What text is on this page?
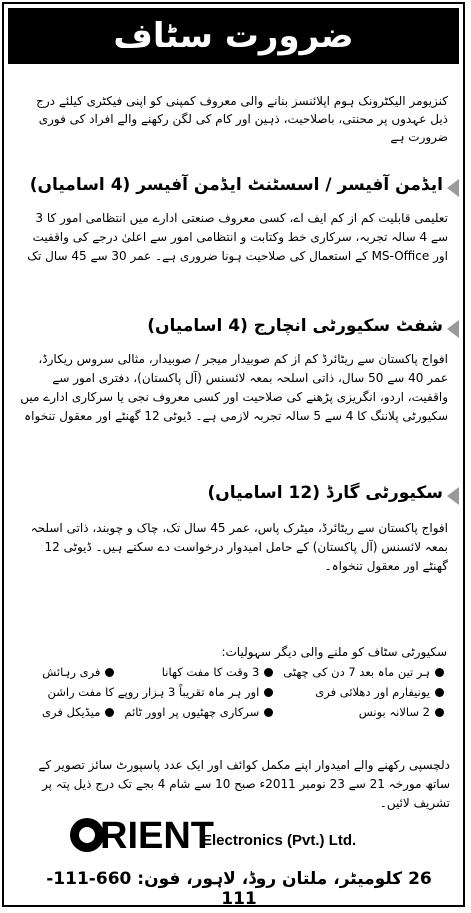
ضرورت سٹاف
کنزیومر الیکٹرونک ہوم اپلائنسز بنانے والی معروف کمپنی کو اپنی فیکٹری کیلئے درج ذیل عہدوں پر محنتی، باصلاحیت، ذہین اور کام کی لگن رکھنے والے افراد کی فوری ضرورت ہے
ایڈمن آفیسر / اسسٹنٹ ایڈمن آفیسر (4 اسامیاں)
تعلیمی قابلیت کم از کم ایف اے، کسی معروف صنعتی ادارے میں انتظامی امور کا 3 سے 4 سالہ تجربہ، سرکاری خط وکتابت و انتظامی امور سے اعلیٰ درجے کی واقفیت اور MS-Office کے استعمال کی صلاحیت ہونا ضروری ہے۔ عمر 30 سے 45 سال تک
شفٹ سکیورٹی انچارج (4 اسامیاں)
افواج پاکستان سے ریٹائرڈ کم از کم صوبیدار میجر / صوبیدار، مثالی سروس ریکارڈ، عمر 40 سے 50 سال، ذاتی اسلحہ بمعہ لائسنس (آل پاکستان)، دفتری امور سے واقفیت، اردو، انگریزی پڑھنے کی صلاحیت اور کسی معروف نجی یا سرکاری ادارے میں سکیورٹی پلاننگ کا 4 سے 5 سالہ تجربہ لازمی ہے۔ ڈیوٹی 12 گھنٹے اور معقول تنخواہ
سکیورٹی گارڈ (12 اسامیاں)
افواج پاکستان سے ریٹائرڈ، میٹرک پاس، عمر 45 سال تک، چاک و چوبند، ذاتی اسلحہ بمعہ لائسنس (آل پاکستان) کے حامل امیدوار درخواست دے سکتے ہیں۔ ڈیوٹی 12 گھنٹے اور معقول تنخواہ۔
سکیورٹی سٹاف کو ملنے والی دیگر سہولیات:
ہر تین ماہ بعد 7 دن کی چھٹی
3 وقت کا مفت کھانا
فری رہائش
یونیفارم اور دھلائی فری
اور ہر ماہ تقریباً 3 ہزار روپے کا مفت راشن
2 سالانہ بونس
سرکاری چھٹیوں پر اوور ٹائم
میڈیکل فری
دلچسپی رکھنے والے امیدوار اپنے مکمل کوائف اور ایک عدد پاسپورٹ سائز تصویر کے ساتھ مورخہ 21 سے 23 نومبر 2011ء صبح 10 سے شام 4 بجے تک درج ذیل پتہ پر تشریف لائیں۔
RIENT
Electronics (Pvt.) Ltd.
26 کلومیٹر، ملتان روڈ، لاہور، فون: 660-111-111
